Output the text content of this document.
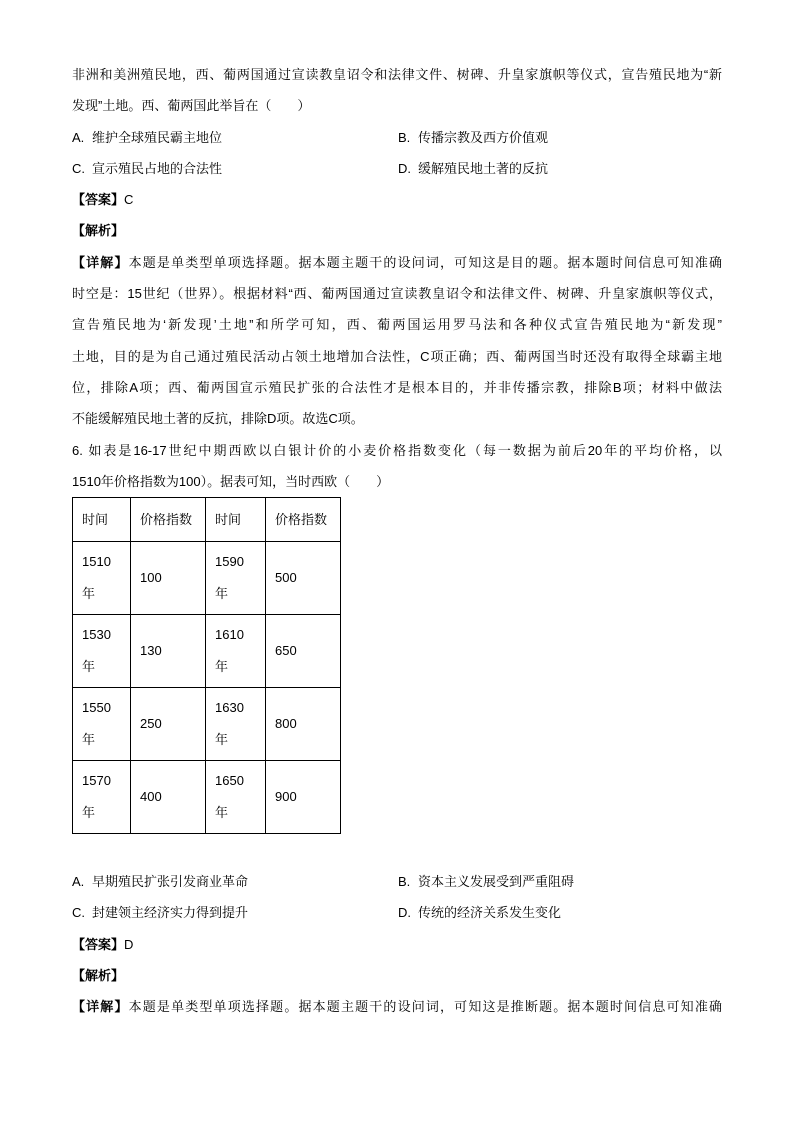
非洲和美洲殖民地，西、葡两国通过宣读教皇诏令和法律文件、树碑、升皇家旗帜等仪式，宣告殖民地为“新
发现”土地。西、葡两国此举旨在（　　）
A. 维护全球殖民霸主地位	B. 传播宗教及西方价值观
C. 宣示殖民占地的合法性	D. 缓解殖民地土著的反抗
【答案】C
【解析】
【详解】本题是单类型单项选择题。据本题主题干的设问词，可知这是目的题。据本题时间信息可知准确
时空是：15世纪（世界）。根据材料“西、葡两国通过宣读教皇诏令和法律文件、树碑、升皇家旗帜等仪式，
宣告殖民地为‘新发现’土地”和所学可知，西、葡两国运用罗马法和各种仪式宣告殖民地为“新发现”
土地，目的是为自己通过殖民活动占领土地增加合法性，C项正确；西、葡两国当时还没有取得全球霸主地
位，排除A项；西、葡两国宣示殖民扩张的合法性才是根本目的，并非传播宗教，排除B项；材料中做法
不能缓解殖民地土著的反抗，排除D项。故选C项。
6. 如表是16-17世纪中期西欧以白银计价的小麦价格指数变化（每一数据为前后20年的平均价格，以
1510年价格指数为100）。据表可知，当时西欧（　　）
时间	价格指数	时间	价格指数

1510年	100	1590年	500

1530年	130	1610年	650

1550年	250	1630年	800

1570年	400	1650年	900
A. 早期殖民扩张引发商业革命	B. 资本主义发展受到严重阻碍
C. 封建领主经济实力得到提升	D. 传统的经济关系发生变化
【答案】D
【解析】
【详解】本题是单类型单项选择题。据本题主题干的设问词，可知这是推断题。据本题时间信息可知准确
